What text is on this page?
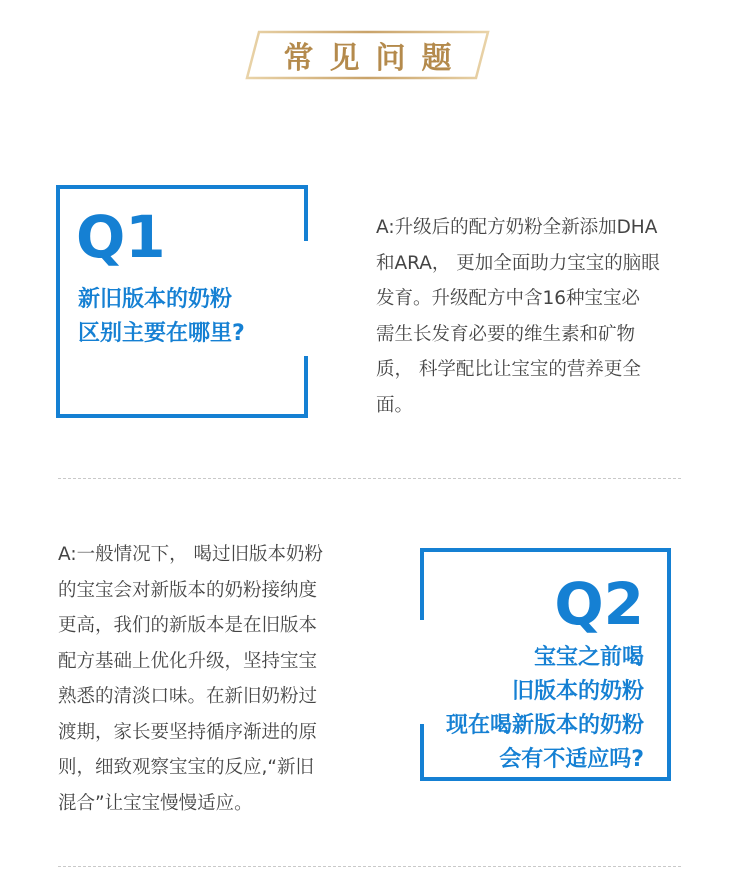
常见问题
Q1
新旧版本的奶粉
区别主要在哪里?
A:升级后的配方奶粉全新添加DHA
和ARA， 更加全面助力宝宝的脑眼
发育。升级配方中含16种宝宝必
需生长发育必要的维生素和矿物
质， 科学配比让宝宝的营养更全
面。
A:一般情况下， 喝过旧版本奶粉
的宝宝会对新版本的奶粉接纳度
更高，我们的新版本是在旧版本
配方基础上优化升级，坚持宝宝
熟悉的清淡口味。在新旧奶粉过
渡期，家长要坚持循序渐进的原
则，细致观察宝宝的反应,“新旧
混合”让宝宝慢慢适应。
Q2
宝宝之前喝
旧版本的奶粉
现在喝新版本的奶粉
会有不适应吗?
